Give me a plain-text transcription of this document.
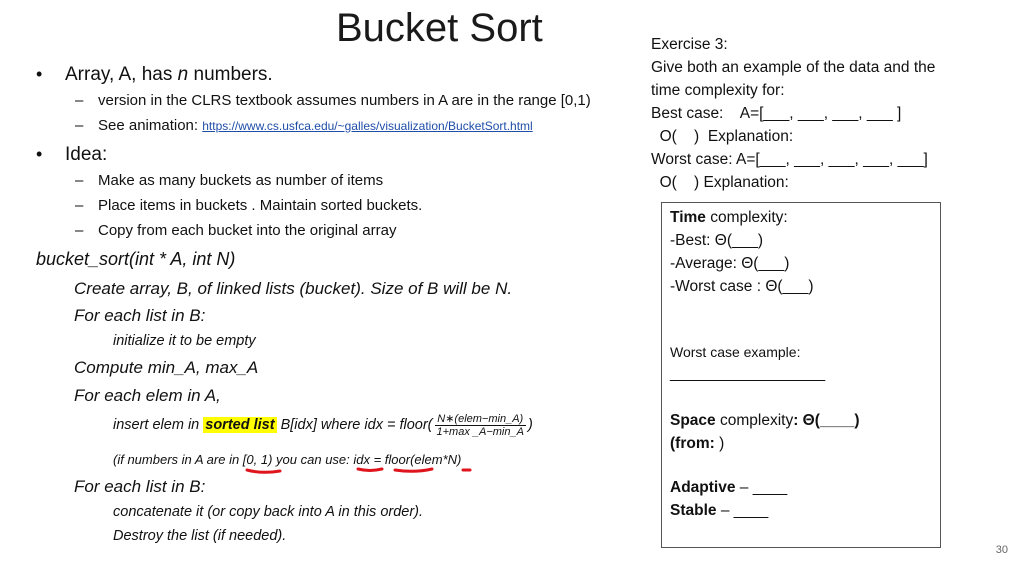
Bucket Sort
• Array, A, has n numbers.
– version in the CLRS textbook assumes numbers in A are in the range [0,1)
– See animation: https://www.cs.usfca.edu/~galles/visualization/BucketSort.html
• Idea:
– Make as many buckets as number of items
– Place items in buckets . Maintain sorted buckets.
– Copy from each bucket into the original array
bucket_sort(int * A, int N)
Create array, B, of linked lists (bucket). Size of B will be N.
For each list in B:
initialize it to be empty
Compute min_A, max_A
For each elem in A,
insert elem in sorted list B[idx] where idx = floor( $\frac{\text{N∗(elem−min\_A)}}{1+\max \_A-\min\_A}$ )
(if numbers in A are in [0, 1) you can use: idx = floor(elem*N)
For each list in B:
concatenate it (or copy back into A in this order).
Destroy the list (if needed).
Exercise 3:
Give both an example of the data and the
time complexity for:
Best case:    A=[___, ___, ___, ___ ]
O(    )  Explanation:
Worst case: A=[___, ___, ___, ___, ___]
O(    ) Explanation:
Time complexity:
-Best: Θ(___)
-Average: Θ(___)
-Worst case : Θ(___)
Worst case example:
__________________
Space complexity: Θ(____)
(from: )
Adaptive – ____
Stable – ____
30
